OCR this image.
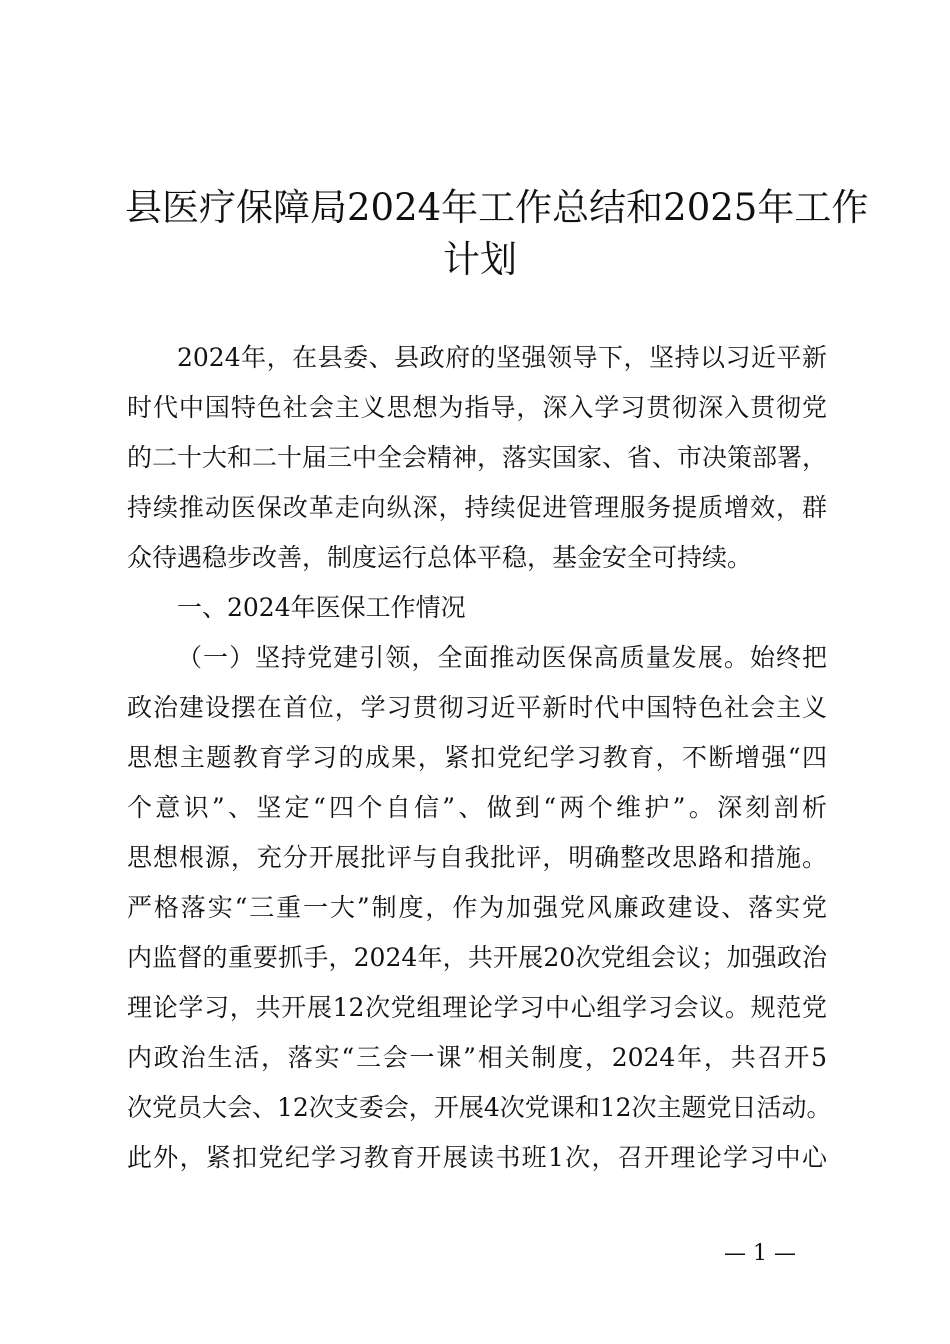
县医疗保障局2024年工作总结和2025年工作
计划
2024年，在县委、县政府的坚强领导下，坚持以习近平新
时代中国特色社会主义思想为指导，深入学习贯彻深入贯彻党
的二十大和二十届三中全会精神，落实国家、省、市决策部署，
持续推动医保改革走向纵深，持续促进管理服务提质增效，群
众待遇稳步改善，制度运行总体平稳，基金安全可持续。
一、2024年医保工作情况
（一）坚持党建引领，全面推动医保高质量发展。始终把
政治建设摆在首位，学习贯彻习近平新时代中国特色社会主义
思想主题教育学习的成果，紧扣党纪学习教育，不断增强“四
个意识”、坚定“四个自信”、做到“两个维护”。深刻剖析
思想根源，充分开展批评与自我批评，明确整改思路和措施。
严格落实“三重一大”制度，作为加强党风廉政建设、落实党
内监督的重要抓手，2024年，共开展20次党组会议；加强政治
理论学习，共开展12次党组理论学习中心组学习会议。规范党
内政治生活，落实“三会一课”相关制度，2024年，共召开5
次党员大会、12次支委会，开展4次党课和12次主题党日活动。
此外，紧扣党纪学习教育开展读书班1次，召开理论学习中心
— 1 —
